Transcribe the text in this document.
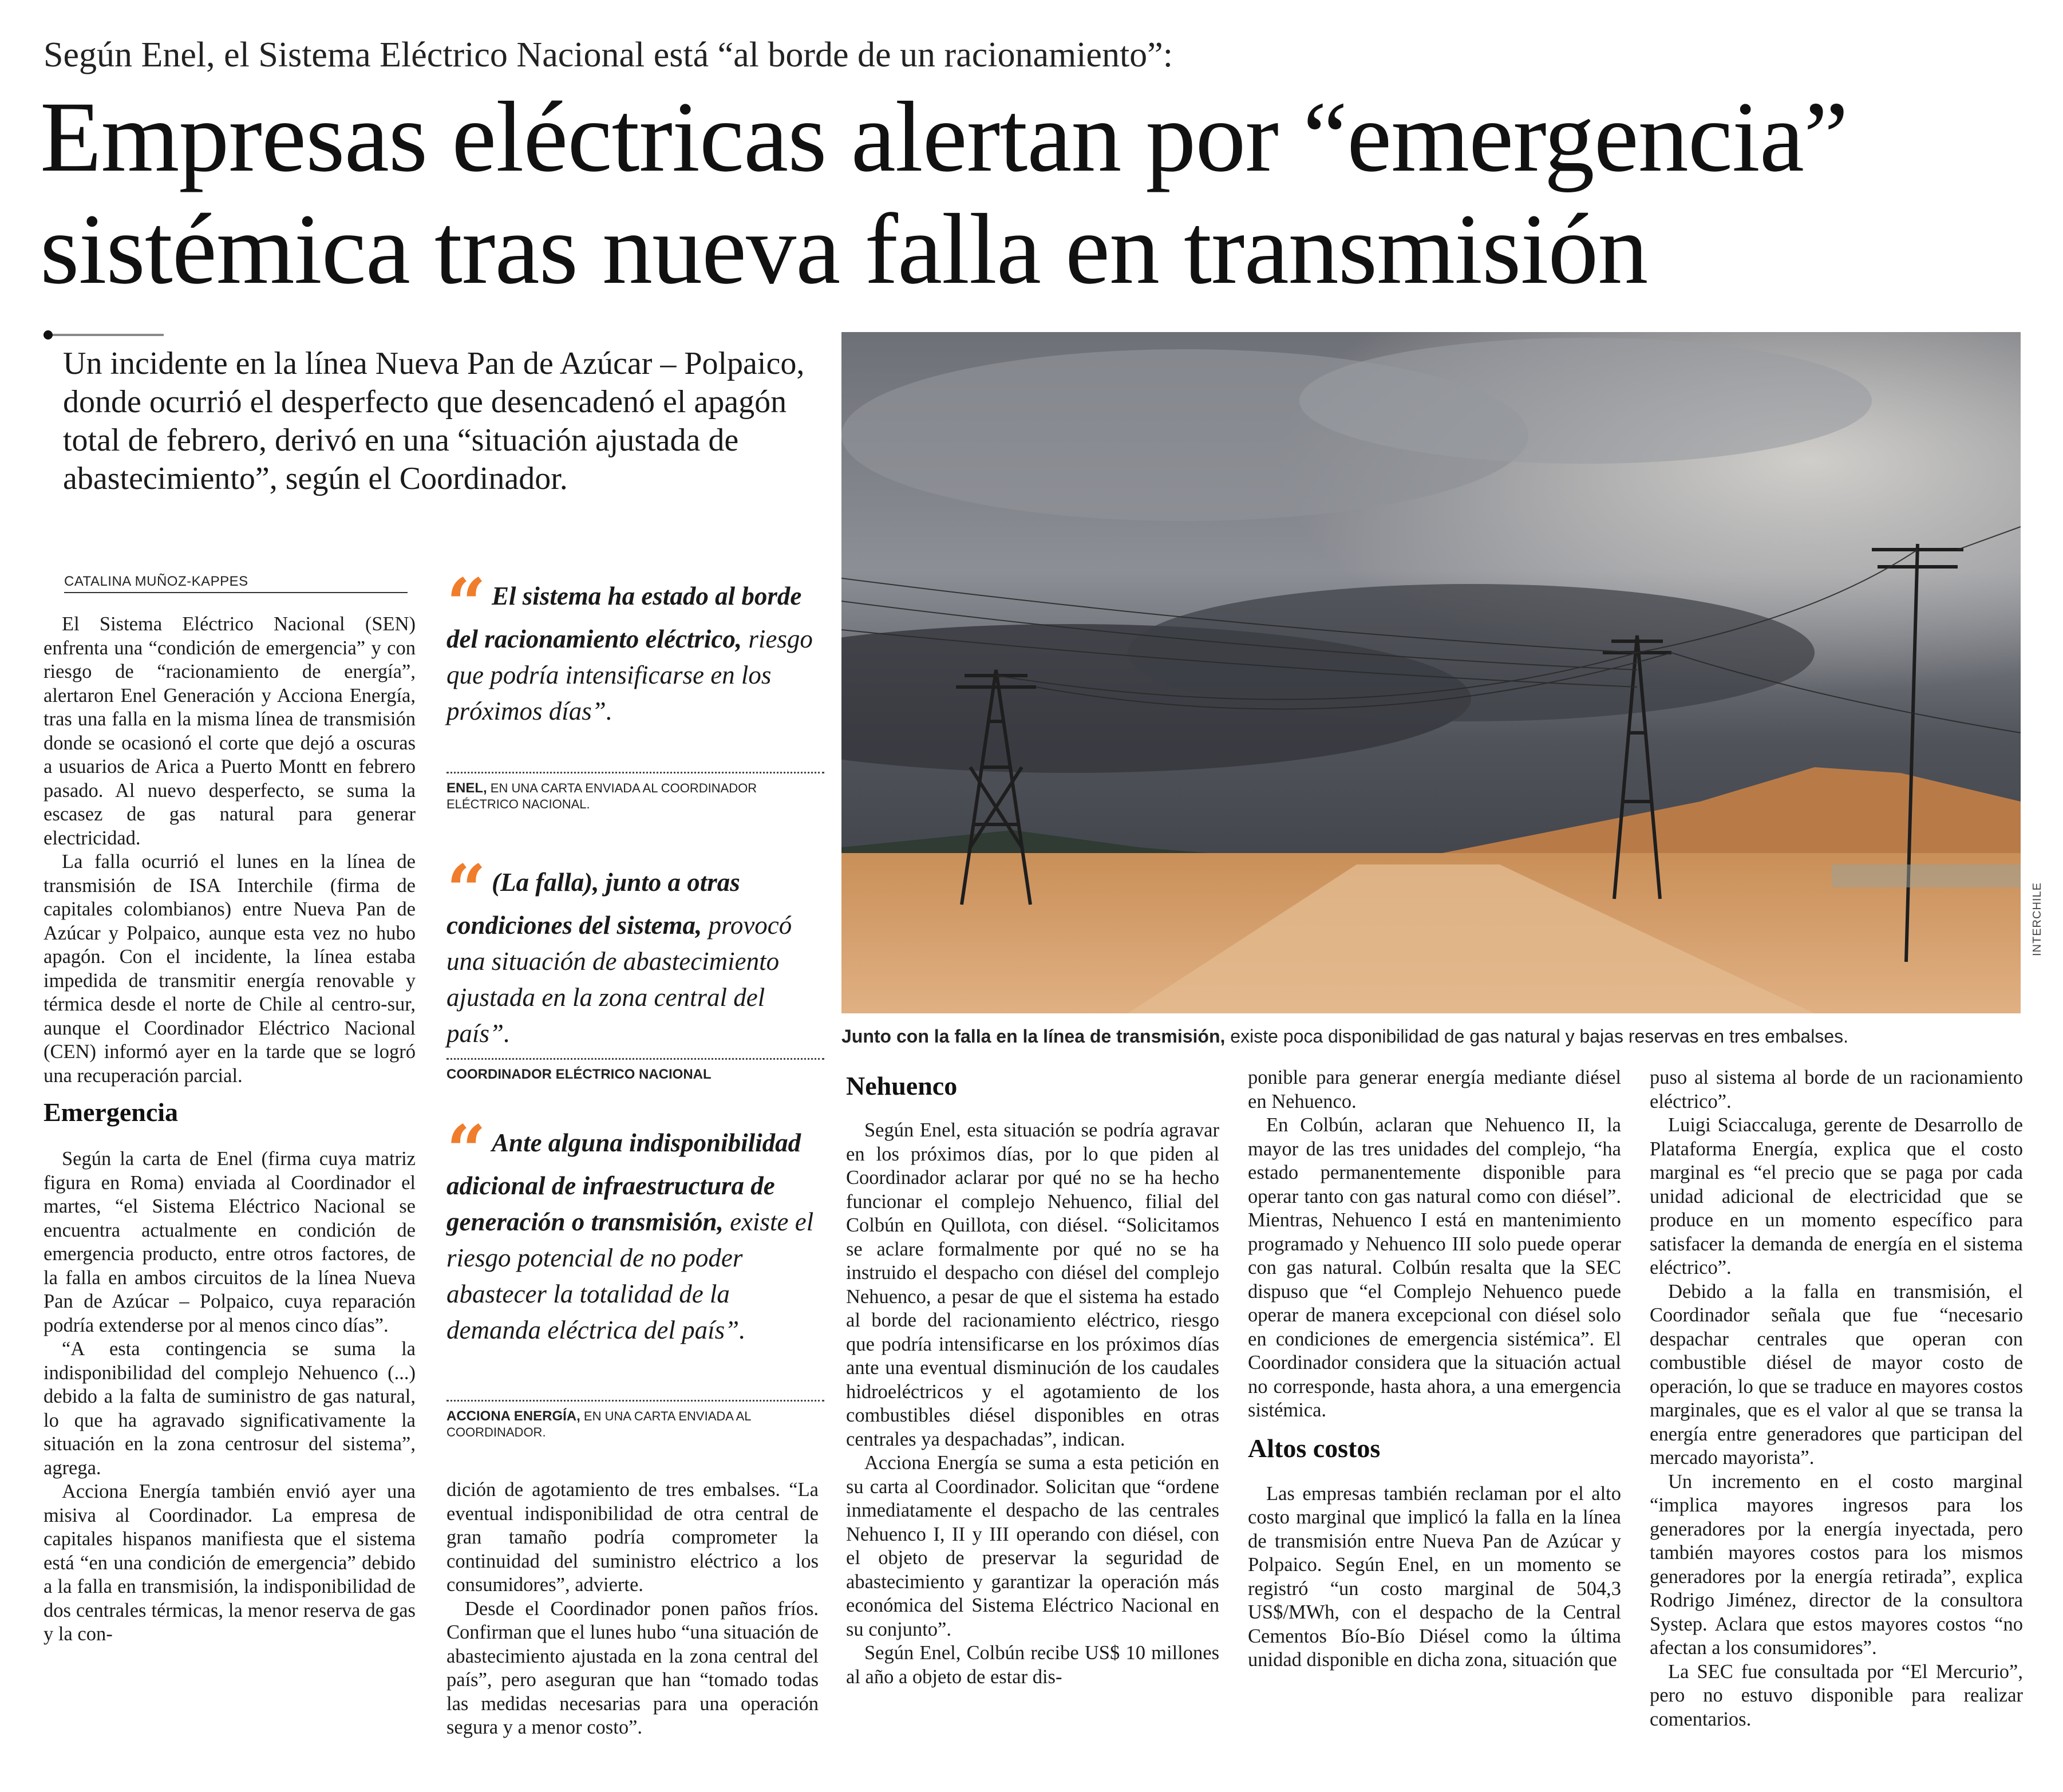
Según Enel, el Sistema Eléctrico Nacional está “al borde de un racionamiento”:
Empresas eléctricas alertan por “emergencia”
sistémica tras nueva falla en transmisión
Un incidente en la línea Nueva Pan de Azúcar – Polpaico, donde ocurrió el desperfecto que desencadenó el apagón total de febrero, derivó en una “situación ajustada de abastecimiento”, según el Coordinador.
CATALINA MUÑOZ-KAPPES

El Sistema Eléctrico Nacional (SEN) enfrenta una “condición de emergencia” y con riesgo de “racionamiento de energía”, alertaron Enel Generación y Acciona Energía, tras una falla en la misma línea de transmisión donde se ocasionó el corte que dejó a oscuras a usuarios de Arica a Puerto Montt en febrero pasado. Al nuevo desperfecto, se suma la escasez de gas natural para generar electricidad.

La falla ocurrió el lunes en la línea de transmisión de ISA Interchile (firma de capitales colombianos) entre Nueva Pan de Azúcar y Polpaico, aunque esta vez no hubo apagón. Con el incidente, la línea estaba impedida de transmitir energía renovable y térmica desde el norte de Chile al centro-sur, aunque el Coordinador Eléctrico Nacional (CEN) informó ayer en la tarde que se logró una recuperación parcial.

Emergencia

Según la carta de Enel (firma cuya matriz figura en Roma) enviada al Coordinador el martes, “el Sistema Eléctrico Nacional se encuentra actualmente en condición de emergencia producto, entre otros factores, de la falla en ambos circuitos de la línea Nueva Pan de Azúcar – Polpaico, cuya reparación podría extenderse por al menos cinco días”.

“A esta contingencia se suma la indisponibilidad del complejo Nehuenco (...) debido a la falta de suministro de gas natural, lo que ha agravado significativamente la situación en la zona centrosur del sistema”, agrega.

Acciona Energía también envió ayer una misiva al Coordinador. La empresa de capitales hispanos manifiesta que el sistema está “en una condición de emergencia” debido a la falla en transmisión, la indisponibilidad de dos centrales térmicas, la menor reserva de gas y la con-

“ El sistema ha estado al borde del racionamiento eléctrico, riesgo que podría intensificarse en los próximos días”.
ENEL, EN UNA CARTA ENVIADA AL COORDINADOR ELÉCTRICO NACIONAL.
“ (La falla), junto a otras condiciones del sistema, provocó una situación de abastecimiento ajustada en la zona central del país”.
COORDINADOR ELÉCTRICO NACIONAL
“ Ante alguna indisponibilidad adicional de infraestructura de generación o transmisión, existe el riesgo potencial de no poder abastecer la totalidad de la demanda eléctrica del país”.
ACCIONA ENERGÍA, EN UNA CARTA ENVIADA AL COORDINADOR.

dición de agotamiento de tres embalses. “La eventual indisponibilidad de otra central de gran tamaño podría comprometer la continuidad del suministro eléctrico a los consumidores”, advierte.

Desde el Coordinador ponen paños fríos. Confirman que el lunes hubo “una situación de abastecimiento ajustada en la zona central del país”, pero aseguran que han “tomado todas las medidas necesarias para una operación segura y a menor costo”.

INTERCHILE
Junto con la falla en la línea de transmisión, existe poca disponibilidad de gas natural y bajas reservas en tres embalses.
Nehuenco

Según Enel, esta situación se podría agravar en los próximos días, por lo que piden al Coordinador aclarar por qué no se ha hecho funcionar el complejo Nehuenco, filial del Colbún en Quillota, con diésel. “Solicitamos se aclare formalmente por qué no se ha instruido el despacho con diésel del complejo Nehuenco, a pesar de que el sistema ha estado al borde del racionamiento eléctrico, riesgo que podría intensificarse en los próximos días ante una eventual disminución de los caudales hidroeléctricos y el agotamiento de los combustibles diésel disponibles en otras centrales ya despachadas”, indican.

Acciona Energía se suma a esta petición en su carta al Coordinador. Solicitan que “ordene inmediatamente el despacho de las centrales Nehuenco I, II y III operando con diésel, con el objeto de preservar la seguridad de abastecimiento y garantizar la operación más económica del Sistema Eléctrico Nacional en su conjunto”.

Según Enel, Colbún recibe US$ 10 millones al año a objeto de estar dis-

ponible para generar energía mediante diésel en Nehuenco.

En Colbún, aclaran que Nehuenco II, la mayor de las tres unidades del complejo, “ha estado permanentemente disponible para operar tanto con gas natural como con diésel”. Mientras, Nehuenco I está en mantenimiento programado y Nehuenco III solo puede operar con gas natural. Colbún resalta que la SEC dispuso que “el Complejo Nehuenco puede operar de manera excepcional con diésel solo en condiciones de emergencia sistémica”. El Coordinador considera que la situación actual no corresponde, hasta ahora, a una emergencia sistémica.

Altos costos

Las empresas también reclaman por el alto costo marginal que implicó la falla en la línea de transmisión entre Nueva Pan de Azúcar y Polpaico. Según Enel, en un momento se registró “un costo marginal de 504,3 US$/MWh, con el despacho de la Central Cementos Bío-Bío Diésel como la última unidad disponible en dicha zona, situación que

puso al sistema al borde de un racionamiento eléctrico”.

Luigi Sciaccaluga, gerente de Desarrollo de Plataforma Energía, explica que el costo marginal es “el precio que se paga por cada unidad adicional de electricidad que se produce en un momento específico para satisfacer la demanda de energía en el sistema eléctrico”.

Debido a la falla en transmisión, el Coordinador señala que fue “necesario despachar centrales que operan con combustible diésel de mayor costo de operación, lo que se traduce en mayores costos marginales, que es el valor al que se transa la energía entre generadores que participan del mercado mayorista”.

Un incremento en el costo marginal “implica mayores ingresos para los generadores por la energía inyectada, pero también mayores costos para los mismos generadores por la energía retirada”, explica Rodrigo Jiménez, director de la consultora Systep. Aclara que estos mayores costos “no afectan a los consumidores”.

La SEC fue consultada por “El Mercurio”, pero no estuvo disponible para realizar comentarios.
